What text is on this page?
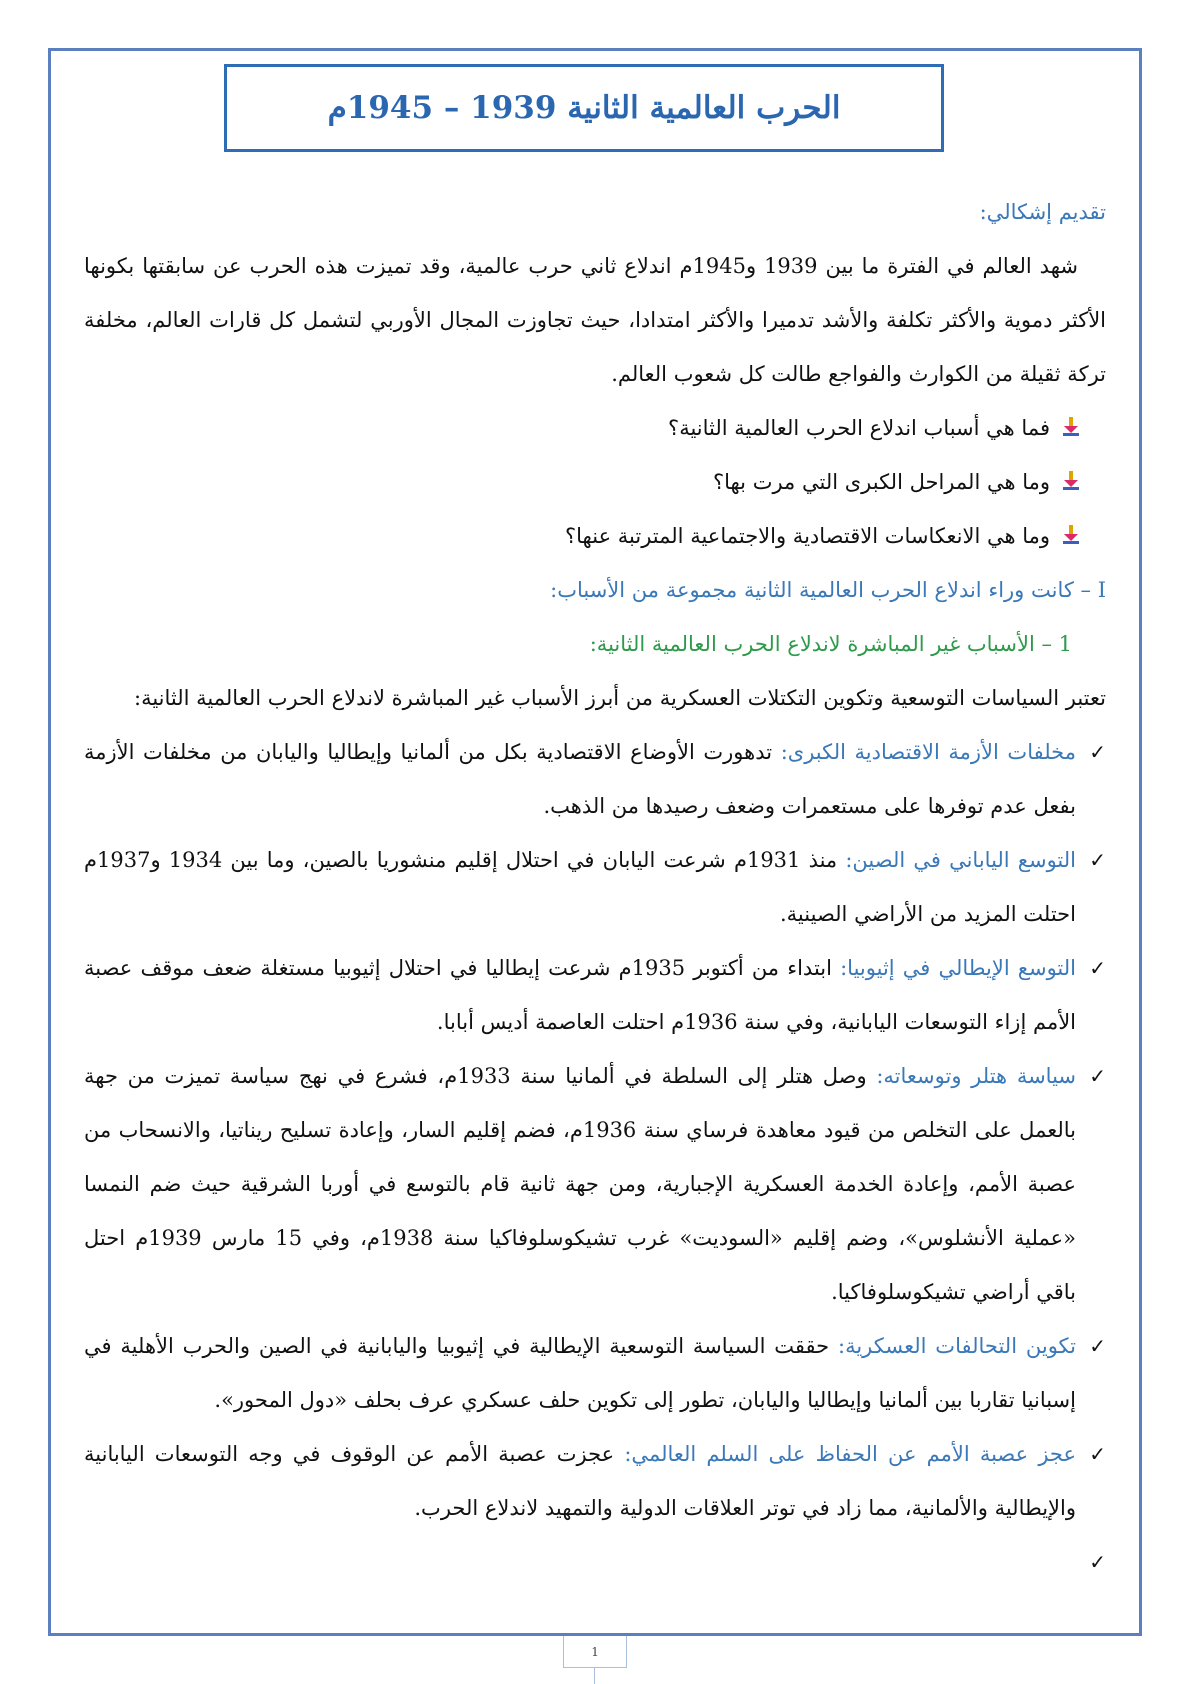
الحرب العالمية الثانية 1939 – 1945م

تقديم إشكالي:

شهد العالم في الفترة ما بين 1939 و1945م اندلاع ثاني حرب عالمية، وقد تميزت هذه الحرب عن سابقتها بكونها الأكثر دموية والأكثر تكلفة والأشد تدميرا والأكثر امتدادا، حيث تجاوزت المجال الأوربي لتشمل كل قارات العالم، مخلفة تركة ثقيلة من الكوارث والفواجع طالت كل شعوب العالم.

فما هي أسباب اندلاع الحرب العالمية الثانية؟
وما هي المراحل الكبرى التي مرت بها؟
وما هي الانعكاسات الاقتصادية والاجتماعية المترتبة عنها؟

I – كانت وراء اندلاع الحرب العالمية الثانية مجموعة من الأسباب:

1 – الأسباب غير المباشرة لاندلاع الحرب العالمية الثانية:

تعتبر السياسات التوسعية وتكوين التكتلات العسكرية من أبرز الأسباب غير المباشرة لاندلاع الحرب العالمية الثانية:

✓
مخلفات الأزمة الاقتصادية الكبرى: تدهورت الأوضاع الاقتصادية بكل من ألمانيا وإيطاليا واليابان من مخلفات الأزمة بفعل عدم توفرها على مستعمرات وضعف رصيدها من الذهب.
✓
التوسع الياباني في الصين: منذ 1931م شرعت اليابان في احتلال إقليم منشوريا بالصين، وما بين 1934 و1937م احتلت المزيد من الأراضي الصينية.
✓
التوسع الإيطالي في إثيوبيا: ابتداء من أكتوبر 1935م شرعت إيطاليا في احتلال إثيوبيا مستغلة ضعف موقف عصبة الأمم إزاء التوسعات اليابانية، وفي سنة 1936م احتلت العاصمة أديس أبابا.
✓
سياسة هتلر وتوسعاته: وصل هتلر إلى السلطة في ألمانيا سنة 1933م، فشرع في نهج سياسة تميزت من جهة بالعمل على التخلص من قيود معاهدة فرساي سنة 1936م، فضم إقليم السار، وإعادة تسليح ريناتيا، والانسحاب من عصبة الأمم، وإعادة الخدمة العسكرية الإجبارية، ومن جهة ثانية قام بالتوسع في أوربا الشرقية حيث ضم النمسا «عملية الأنشلوس»، وضم إقليم «السوديت» غرب تشيكوسلوفاكيا سنة 1938م، وفي 15 مارس 1939م احتل باقي أراضي تشيكوسلوفاكيا.
✓
تكوين التحالفات العسكرية: حققت السياسة التوسعية الإيطالية في إثيوبيا واليابانية في الصين والحرب الأهلية في إسبانيا تقاربا بين ألمانيا وإيطاليا واليابان، تطور إلى تكوين حلف عسكري عرف بحلف «دول المحور».
✓
عجز عصبة الأمم عن الحفاظ على السلم العالمي: عجزت عصبة الأمم عن الوقوف في وجه التوسعات اليابانية والإيطالية والألمانية، مما زاد في توتر العلاقات الدولية والتمهيد لاندلاع الحرب.
✓

1
